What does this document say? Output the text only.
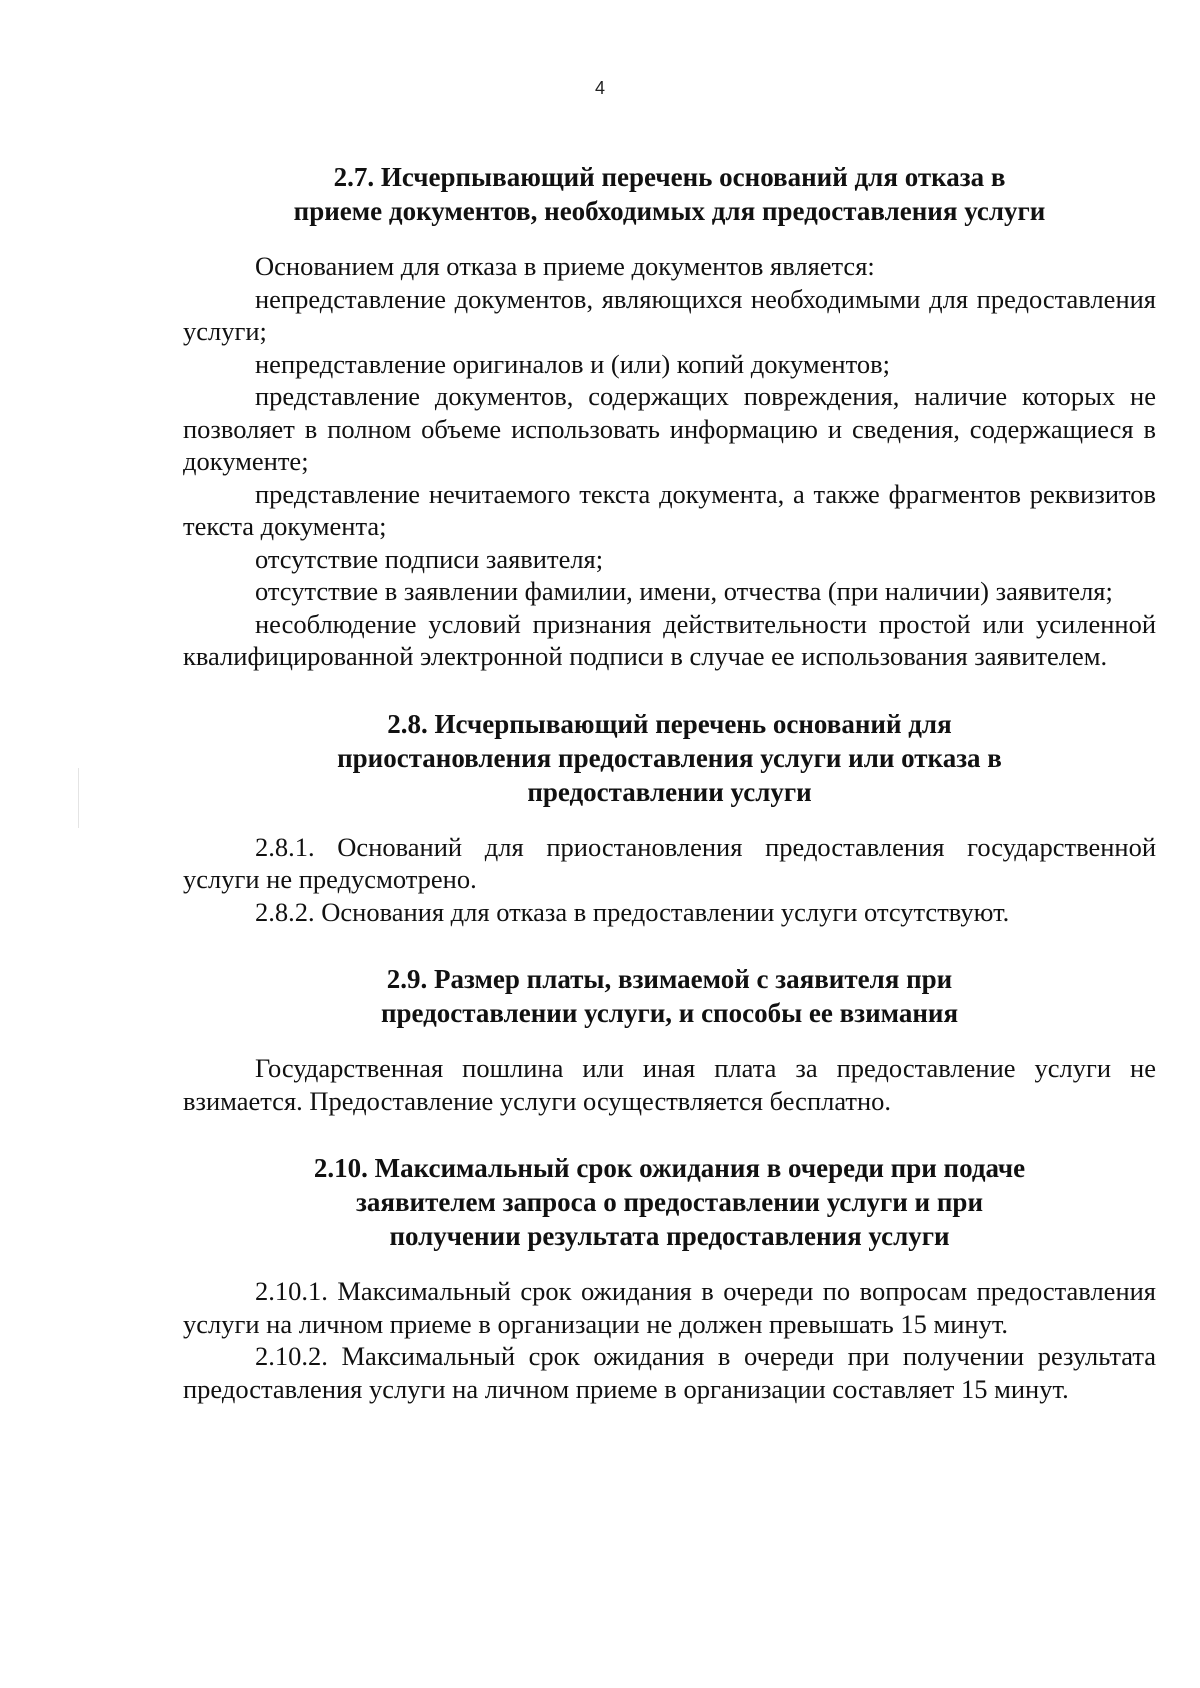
4
2.7. Исчерпывающий перечень оснований для отказа в
приеме документов, необходимых для предоставления услуги

Основанием для отказа в приеме документов является:

непредставление документов, являющихся необходимыми для предоставления услуги;

непредставление оригиналов и (или) копий документов;

представление документов, содержащих повреждения, наличие которых не позволяет в полном объеме использовать информацию и сведения, содержащиеся в документе;

представление нечитаемого текста документа, а также фрагментов реквизитов текста документа;

отсутствие подписи заявителя;

отсутствие в заявлении фамилии, имени, отчества (при наличии) заявителя;

несоблюдение условий признания действительности простой или усиленной квалифицированной электронной подписи в случае ее использования заявителем.

2.8. Исчерпывающий перечень оснований для
приостановления предоставления услуги или отказа в
предоставлении услуги

2.8.1. Оснований для приостановления предоставления государственной услуги не предусмотрено.

2.8.2. Основания для отказа в предоставлении услуги отсутствуют.

2.9. Размер платы, взимаемой с заявителя при
предоставлении услуги, и способы ее взимания

Государственная пошлина или иная плата за предоставление услуги не взимается. Предоставление услуги осуществляется бесплатно.

2.10. Максимальный срок ожидания в очереди при подаче
заявителем запроса о предоставлении услуги и при
получении результата предоставления услуги

2.10.1. Максимальный срок ожидания в очереди по вопросам предоставления услуги на личном приеме в организации не должен превышать 15 минут.

2.10.2. Максимальный срок ожидания в очереди при получении результата предоставления услуги на личном приеме в организации составляет 15 минут.
